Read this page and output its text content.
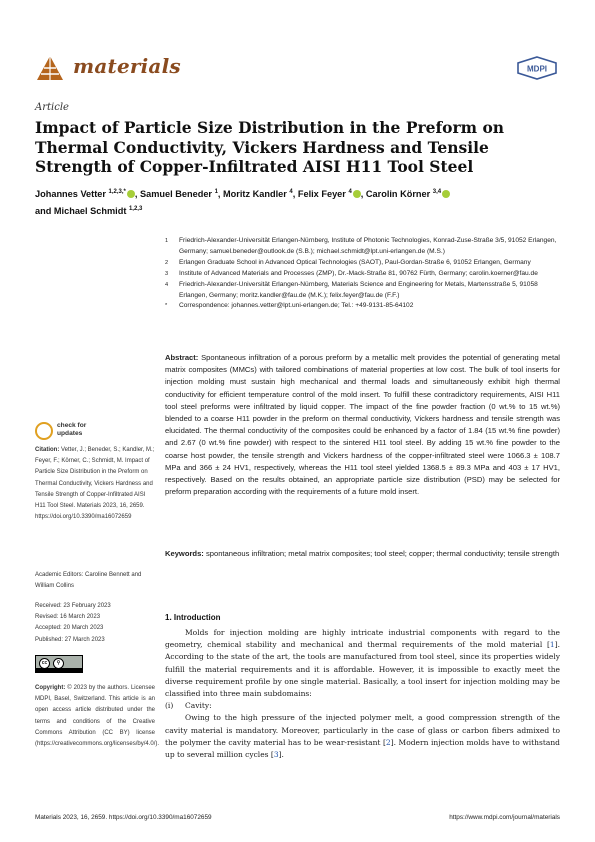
materials	MDPI
Article
Impact of Particle Size Distribution in the Preform on Thermal Conductivity, Vickers Hardness and Tensile Strength of Copper-Infiltrated AISI H11 Tool Steel
Johannes Vetter $^{1,2,3,*}$ , Samuel Beneder $^1$, Moritz Kandler $^4$, Felix Feyer $^4$ , Carolin Körner $^{3,4}$
and Michael Schmidt $^{1,2,3}$
1 Friedrich-Alexander-Universität Erlangen-Nürnberg, Institute of Photonic Technologies, Konrad-Zuse-Straße 3/5, 91052 Erlangen, Germany; samuel.beneder@outlook.de (S.B.); michael.schmidt@lpt.uni-erlangen.de (M.S.)
2 Erlangen Graduate School in Advanced Optical Technologies (SAOT), Paul-Gordan-Straße 6, 91052 Erlangen, Germany
3 Institute of Advanced Materials and Processes (ZMP), Dr.-Mack-Straße 81, 90762 Fürth, Germany; carolin.koerner@fau.de
4 Friedrich-Alexander-Universität Erlangen-Nürnberg, Materials Science and Engineering for Metals, Martensstraße 5, 91058 Erlangen, Germany; moritz.kandler@fau.de (M.K.); felix.feyer@fau.de (F.F.)
* Correspondence: johannes.vetter@lpt.uni-erlangen.de; Tel.: +49-9131-85-64102
Abstract: Spontaneous infiltration of a porous preform by a metallic melt provides the potential of generating metal matrix composites (MMCs) with tailored combinations of material properties at low cost. The bulk of tool inserts for injection molding must sustain high mechanical and thermal loads and simultaneously exhibit high thermal conductivity for efficient temperature control of the mold insert. To fulfill these contradictory requirements, AISI H11 tool steel preforms were infiltrated by liquid copper. The impact of the fine powder fraction (0 wt.% to 15 wt.%) blended to a coarse H11 powder in the preform on thermal conductivity, Vickers hardness and tensile strength was elucidated. The thermal conductivity of the composites could be enhanced by a factor of 1.84 (15 wt.% fine powder) and 2.67 (0 wt.% fine powder) with respect to the sintered H11 tool steel. By adding 15 wt.% fine powder to the coarse host powder, the tensile strength and Vickers hardness of the copper-infiltrated steel were 1066.3 ± 108.7 MPa and 366 ± 24 HV1, respectively, whereas the H11 tool steel yielded 1368.5 ± 89.3 MPa and 403 ± 17 HV1, respectively. Based on the results obtained, an appropriate particle size distribution (PSD) may be selected for preform preparation according with the requirements of a future mold insert.
Keywords: spontaneous infiltration; metal matrix composites; tool steel; copper; thermal conductivity; tensile strength
check for updates
Citation: Vetter, J.; Beneder, S.; Kandler, M.; Feyer, F.; Körner, C.; Schmidt, M. Impact of Particle Size Distribution in the Preform on Thermal Conductivity, Vickers Hardness and Tensile Strength of Copper-Infiltrated AISI H11 Tool Steel. Materials 2023, 16, 2659. https://doi.org/10.3390/ma16072659
Academic Editors: Caroline Bennett and William Collins
Received: 23 February 2023
Revised: 16 March 2023
Accepted: 20 March 2023
Published: 27 March 2023
cc	⚲
Copyright: © 2023 by the authors. Licensee MDPI, Basel, Switzerland. This article is an open access article distributed under the terms and conditions of the Creative Commons Attribution (CC BY) license (https://creativecommons.org/licenses/by/4.0/).
1. Introduction

Molds for injection molding are highly intricate industrial components with regard to the geometry, chemical stability and mechanical and thermal requirements of the mold material [1]. According to the state of the art, the tools are manufactured from tool steel, since its properties widely fulfill the material requirements and it is affordable. However, it is impossible to exactly meet the diverse requirement profile by one single material. Basically, a tool insert for injection molding may be classified into three main subdomains:

(i) Cavity:

Owing to the high pressure of the injected polymer melt, a good compression strength of the cavity material is mandatory. Moreover, particularly in the case of glass or carbon fibers admixed to the polymer the cavity material has to be wear-resistant [2]. Modern injection molds have to withstand up to several million cycles [3].

Materials 2023, 16, 2659. https://doi.org/10.3390/ma16072659	https://www.mdpi.com/journal/materials
